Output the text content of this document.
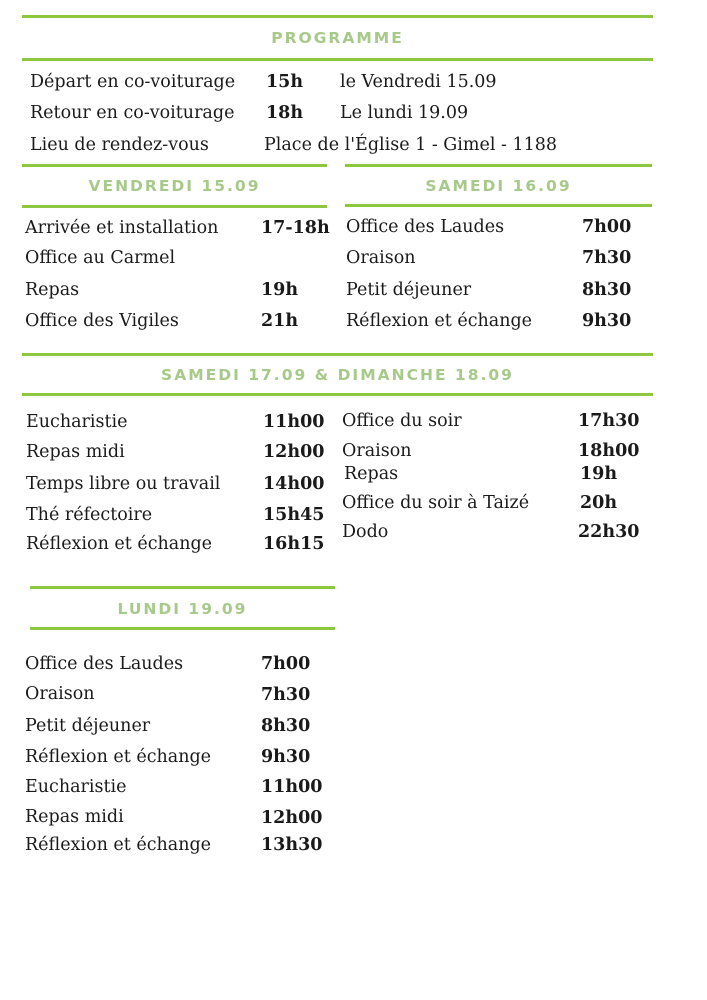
PROGRAMME
Départ en co-voiturage 15h le Vendredi 15.09
Retour en co-voiturage 18h Le lundi 19.09
Lieu de rendez-vous	Place de l'Église 1 - Gimel - 1188
VENDREDI 15.09
Arrivée et installation 17-18h
Office au Carmel
Repas	19h
Office des Vigiles	21h
SAMEDI 16.09
Office des Laudes	7h00
Oraison	7h30
Petit déjeuner	8h30
Réflexion et échange	9h30
SAMEDI 17.09 & DIMANCHE 18.09
Eucharistie	11h00
Repas midi	12h00
Temps libre ou travail 14h00
Thé réfectoire	15h45
Réflexion et échange	16h15
Office du soir	17h30
Oraison	18h00
Repas	19h
Office du soir à Taizé	20h
Dodo	22h30
LUNDI 19.09
Office des Laudes	7h00
Oraison	7h30
Petit déjeuner	8h30
Réflexion et échange	9h30
Eucharistie	11h00
Repas midi	12h00
Réflexion et échange	13h30
